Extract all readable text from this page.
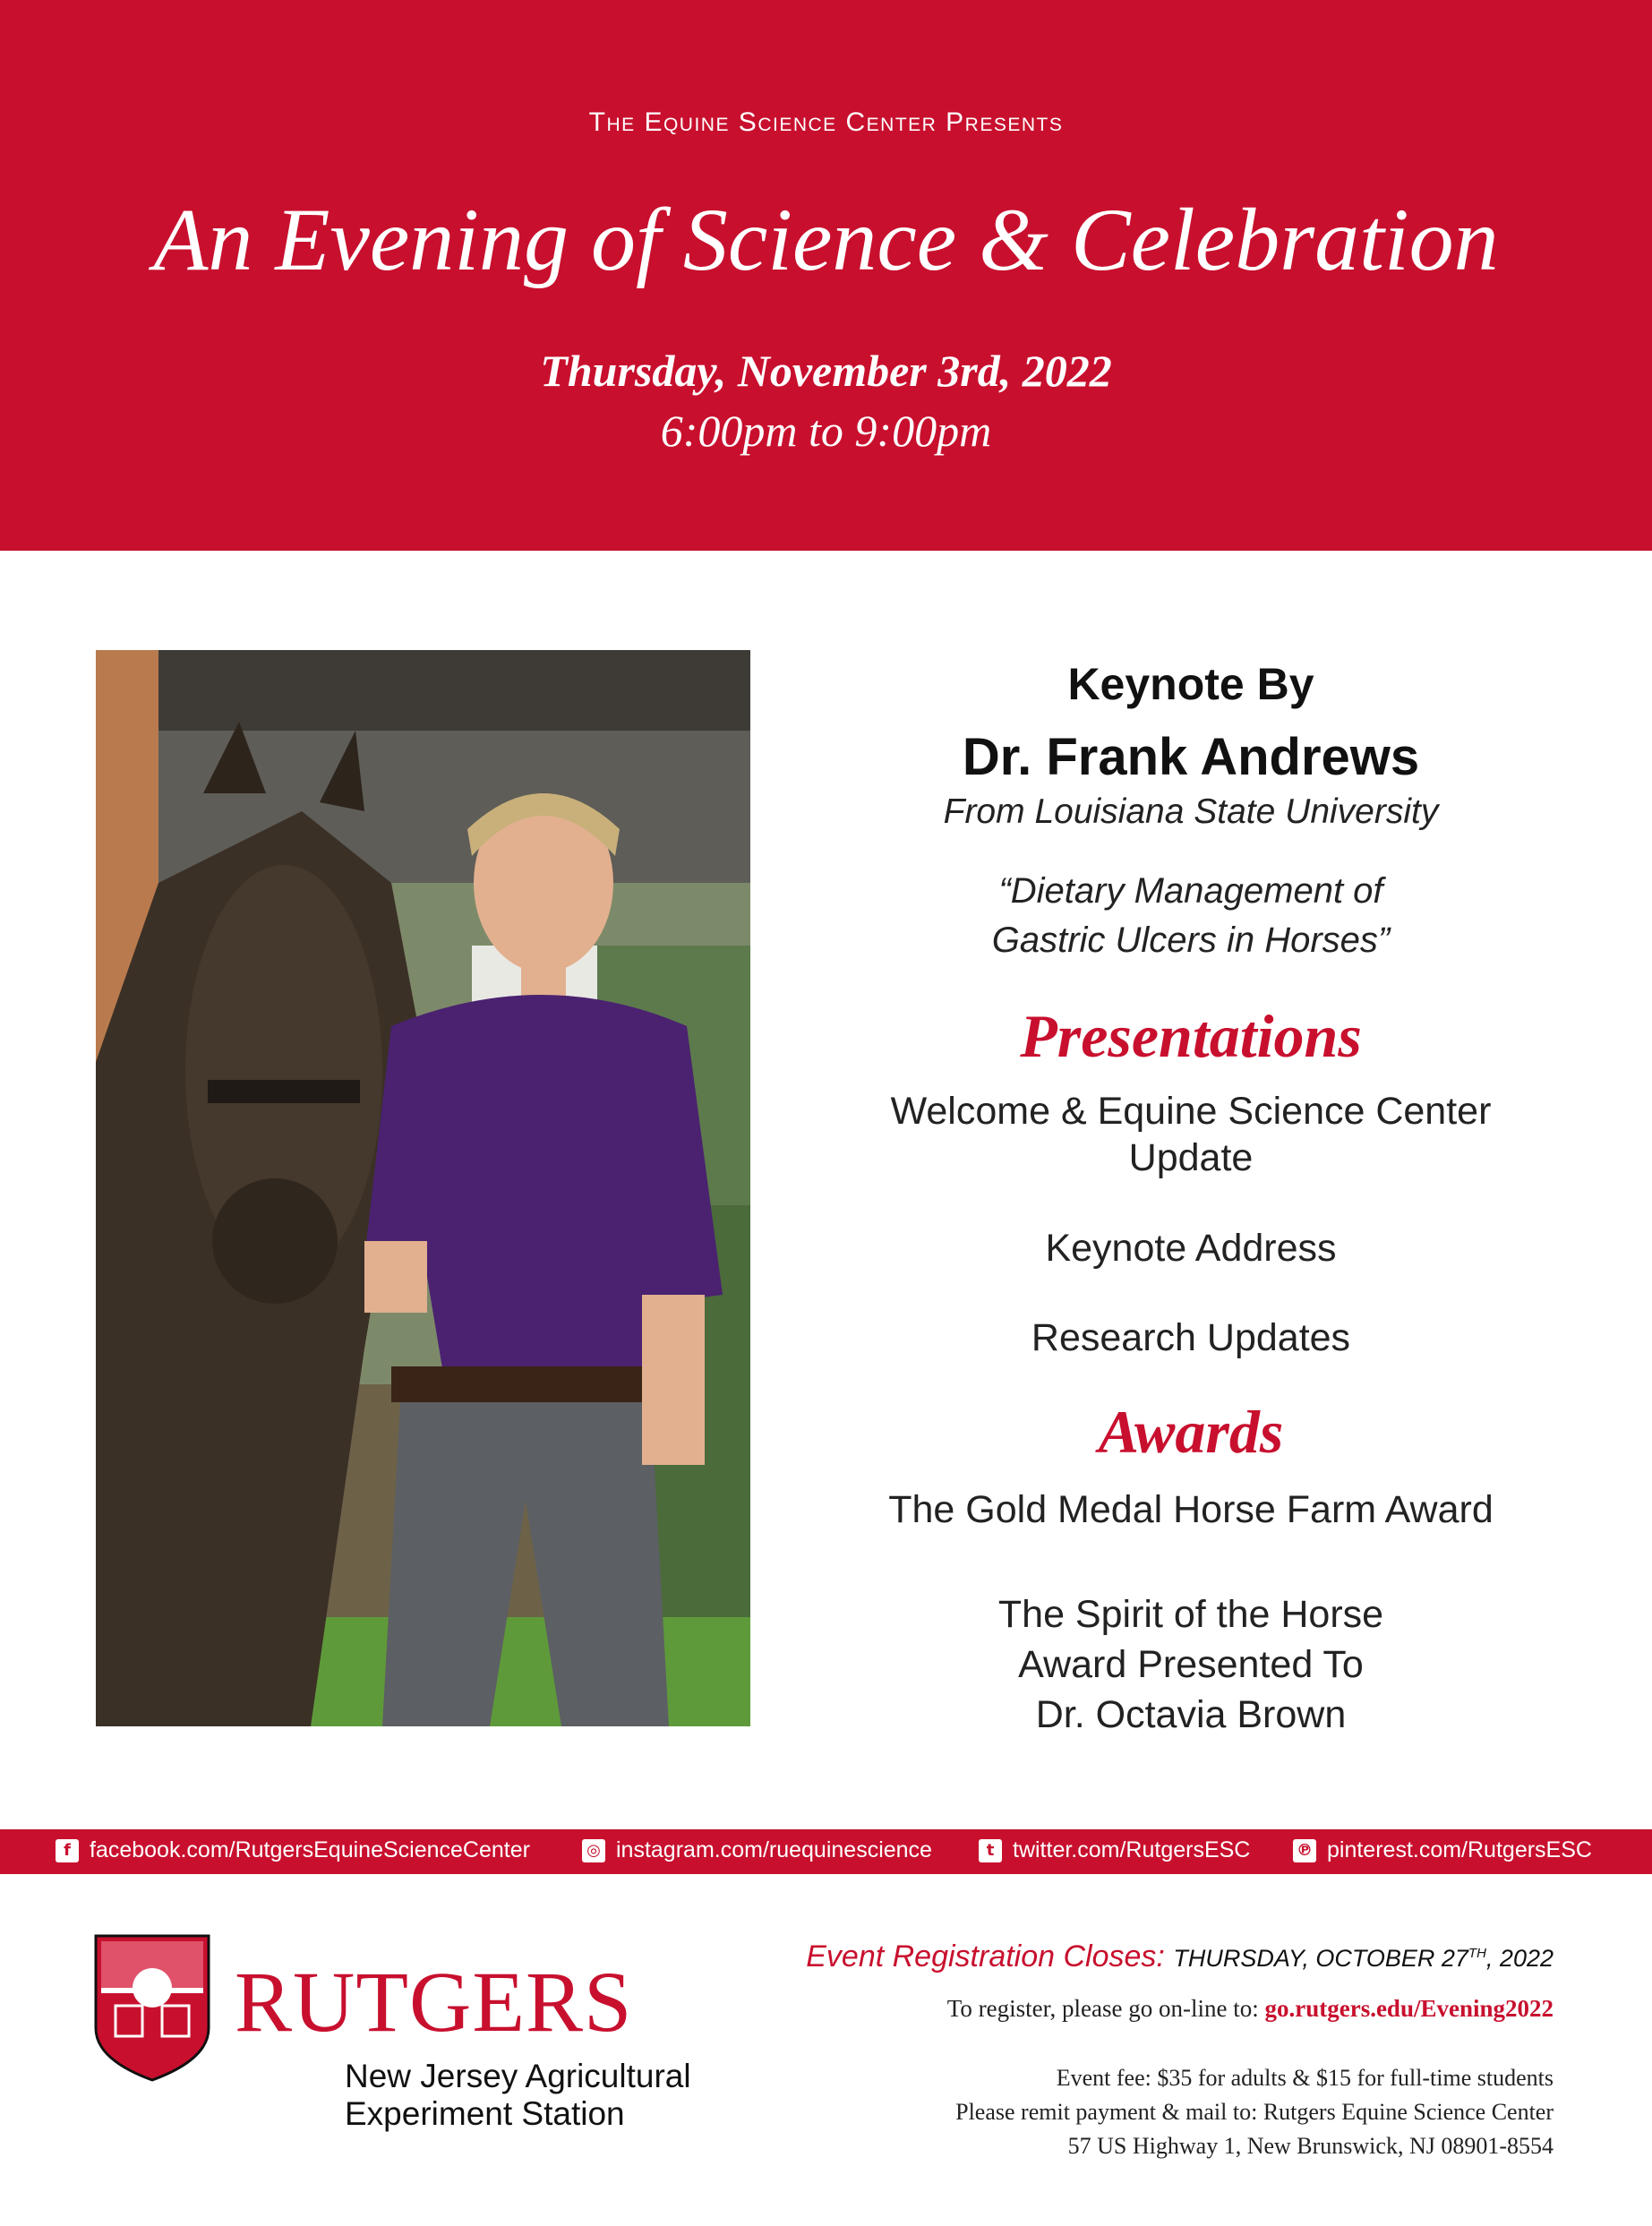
The Equine Science Center Presents
An Evening of Science & Celebration
Thursday, November 3rd, 2022
6:00pm to 9:00pm
Keynote By
Dr. Frank Andrews
From Louisiana State University
“Dietary Management of
Gastric Ulcers in Horses”
Presentations
Welcome & Equine Science Center
Update
Keynote Address
Research Updates
Awards
The Gold Medal Horse Farm Award
The Spirit of the Horse
Award Presented To
Dr. Octavia Brown
f facebook.com/RutgersEquineScienceCenter	◎ instagram.com/ruequinescience	t twitter.com/RutgersESC	℗ pinterest.com/RutgersESC
RUTGERS
New Jersey Agricultural
Experiment Station
Event Registration Closes: THURSDAY, OCTOBER 27TH, 2022
To register, please go on-line to: go.rutgers.edu/Evening2022
Event fee: $35 for adults & $15 for full-time students
Please remit payment & mail to: Rutgers Equine Science Center
57 US Highway 1, New Brunswick, NJ 08901-8554
